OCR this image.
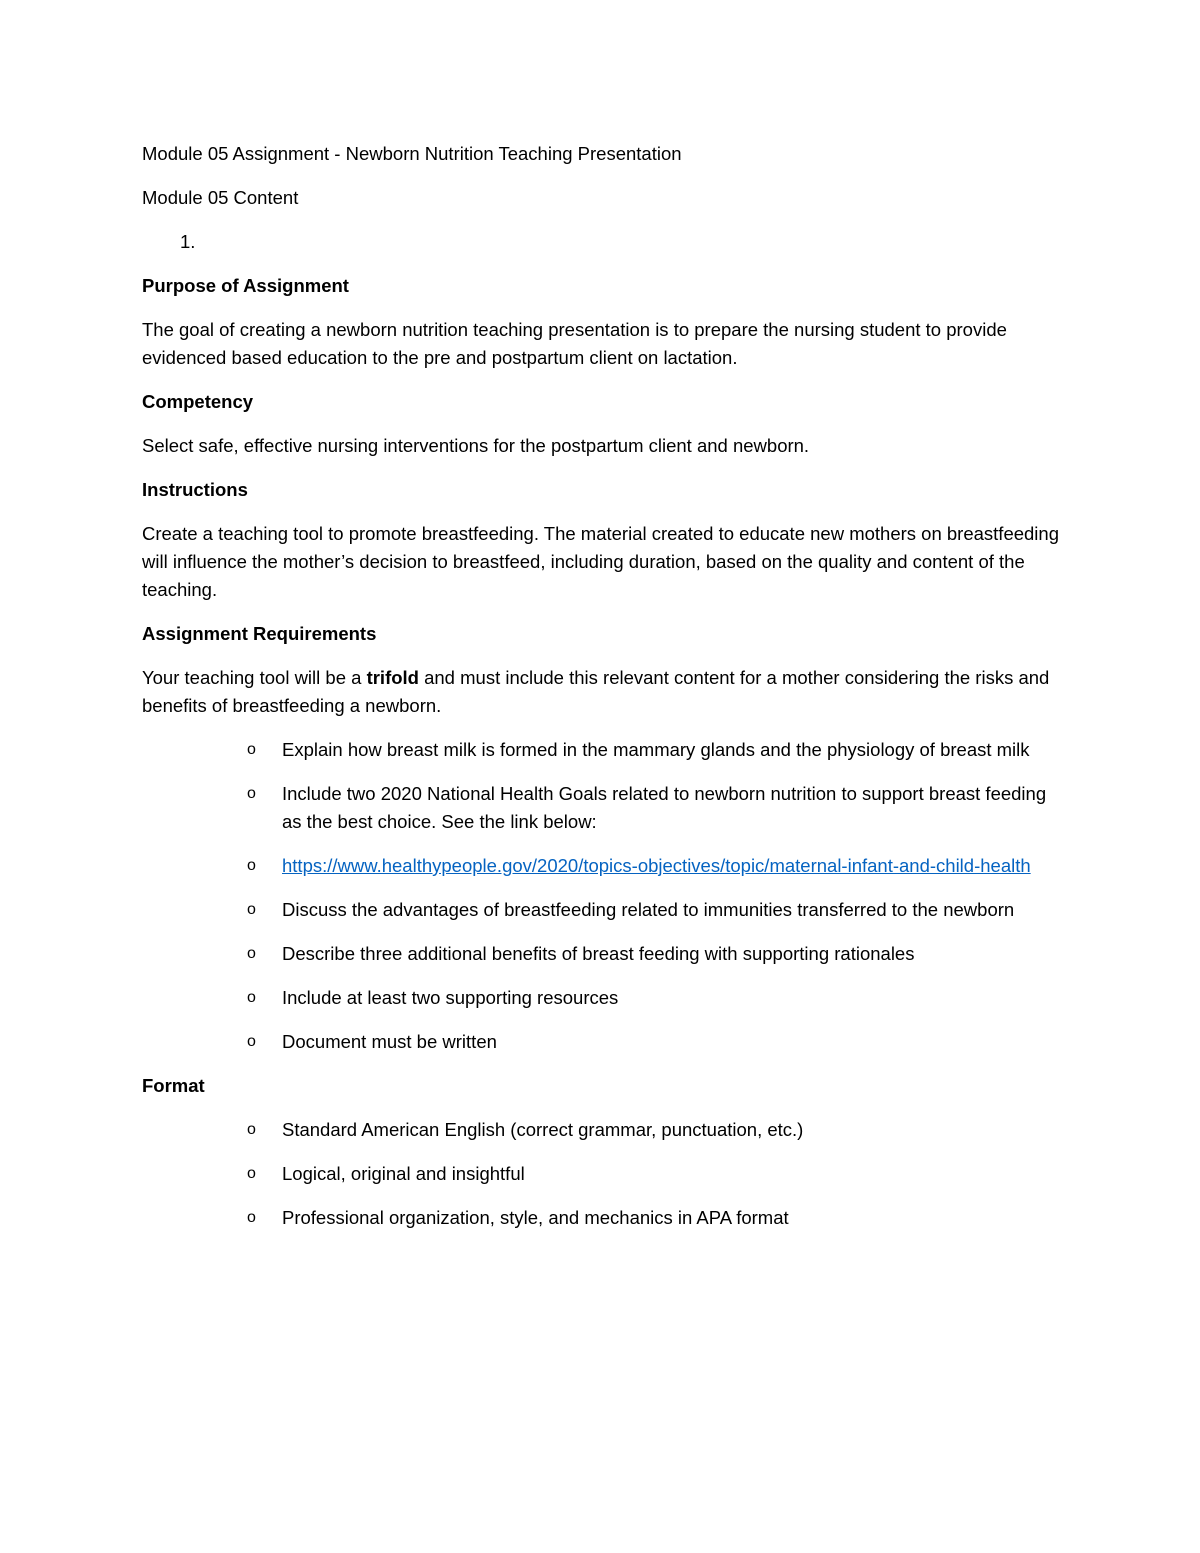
Module 05 Assignment - Newborn Nutrition Teaching Presentation

Module 05 Content

1.

Purpose of Assignment

The goal of creating a newborn nutrition teaching presentation is to prepare the nursing student to provide evidenced based education to the pre and postpartum client on lactation.

Competency

Select safe, effective nursing interventions for the postpartum client and newborn.

Instructions

Create a teaching tool to promote breastfeeding. The material created to educate new mothers on breastfeeding will influence the mother’s decision to breastfeed, including duration, based on the quality and content of the teaching.

Assignment Requirements

Your teaching tool will be a trifold and must include this relevant content for a mother considering the risks and benefits of breastfeeding a newborn.

o Explain how breast milk is formed in the mammary glands and the physiology of breast milk
o Include two 2020 National Health Goals related to newborn nutrition to support breast feeding as the best choice. See the link below:
o https://www.healthypeople.gov/2020/topics-objectives/topic/maternal-infant-and-child-health
o Discuss the advantages of breastfeeding related to immunities transferred to the newborn
o Describe three additional benefits of breast feeding with supporting rationales
o Include at least two supporting resources
o Document must be written

Format

o Standard American English (correct grammar, punctuation, etc.)
o Logical, original and insightful
o Professional organization, style, and mechanics in APA format
